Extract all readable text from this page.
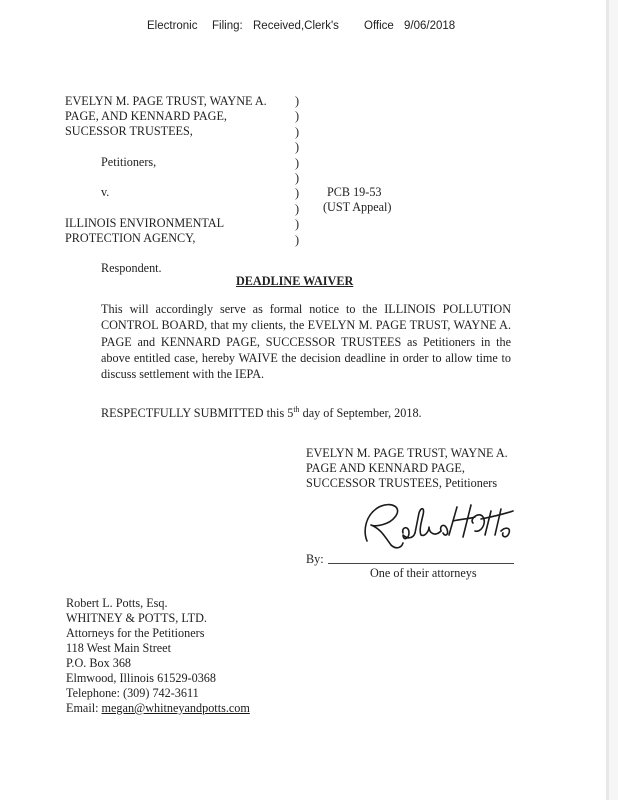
Electronic Filing: Received,Clerk's Office 9/06/2018
EVELYN M. PAGE TRUST, WAYNE A.
PAGE, AND KENNARD PAGE,
SUCESSOR TRUSTEES,
Petitioners,
v.
ILLINOIS ENVIRONMENTAL
PROTECTION AGENCY,
Respondent.
)
)
)
)
)
)
)
)
)
)
PCB 19-53
(UST Appeal)
DEADLINE WAIVER
This will accordingly serve as formal notice to the ILLINOIS POLLUTION CONTROL BOARD, that my clients, the EVELYN M. PAGE TRUST, WAYNE A. PAGE and KENNARD PAGE, SUCCESSOR TRUSTEES as Petitioners in the above entitled case, hereby WAIVE the decision deadline in order to allow time to discuss settlement with the IEPA.
RESPECTFULLY SUBMITTED this 5th day of September, 2018.
EVELYN M. PAGE TRUST, WAYNE A.
PAGE AND KENNARD PAGE,
SUCCESSOR TRUSTEES, Petitioners
By:
One of their attorneys
Robert L. Potts, Esq.
WHITNEY & POTTS, LTD.
Attorneys for the Petitioners
118 West Main Street
P.O. Box 368
Elmwood, Illinois 61529-0368
Telephone: (309) 742-3611
Email: megan@whitneyandpotts.com
